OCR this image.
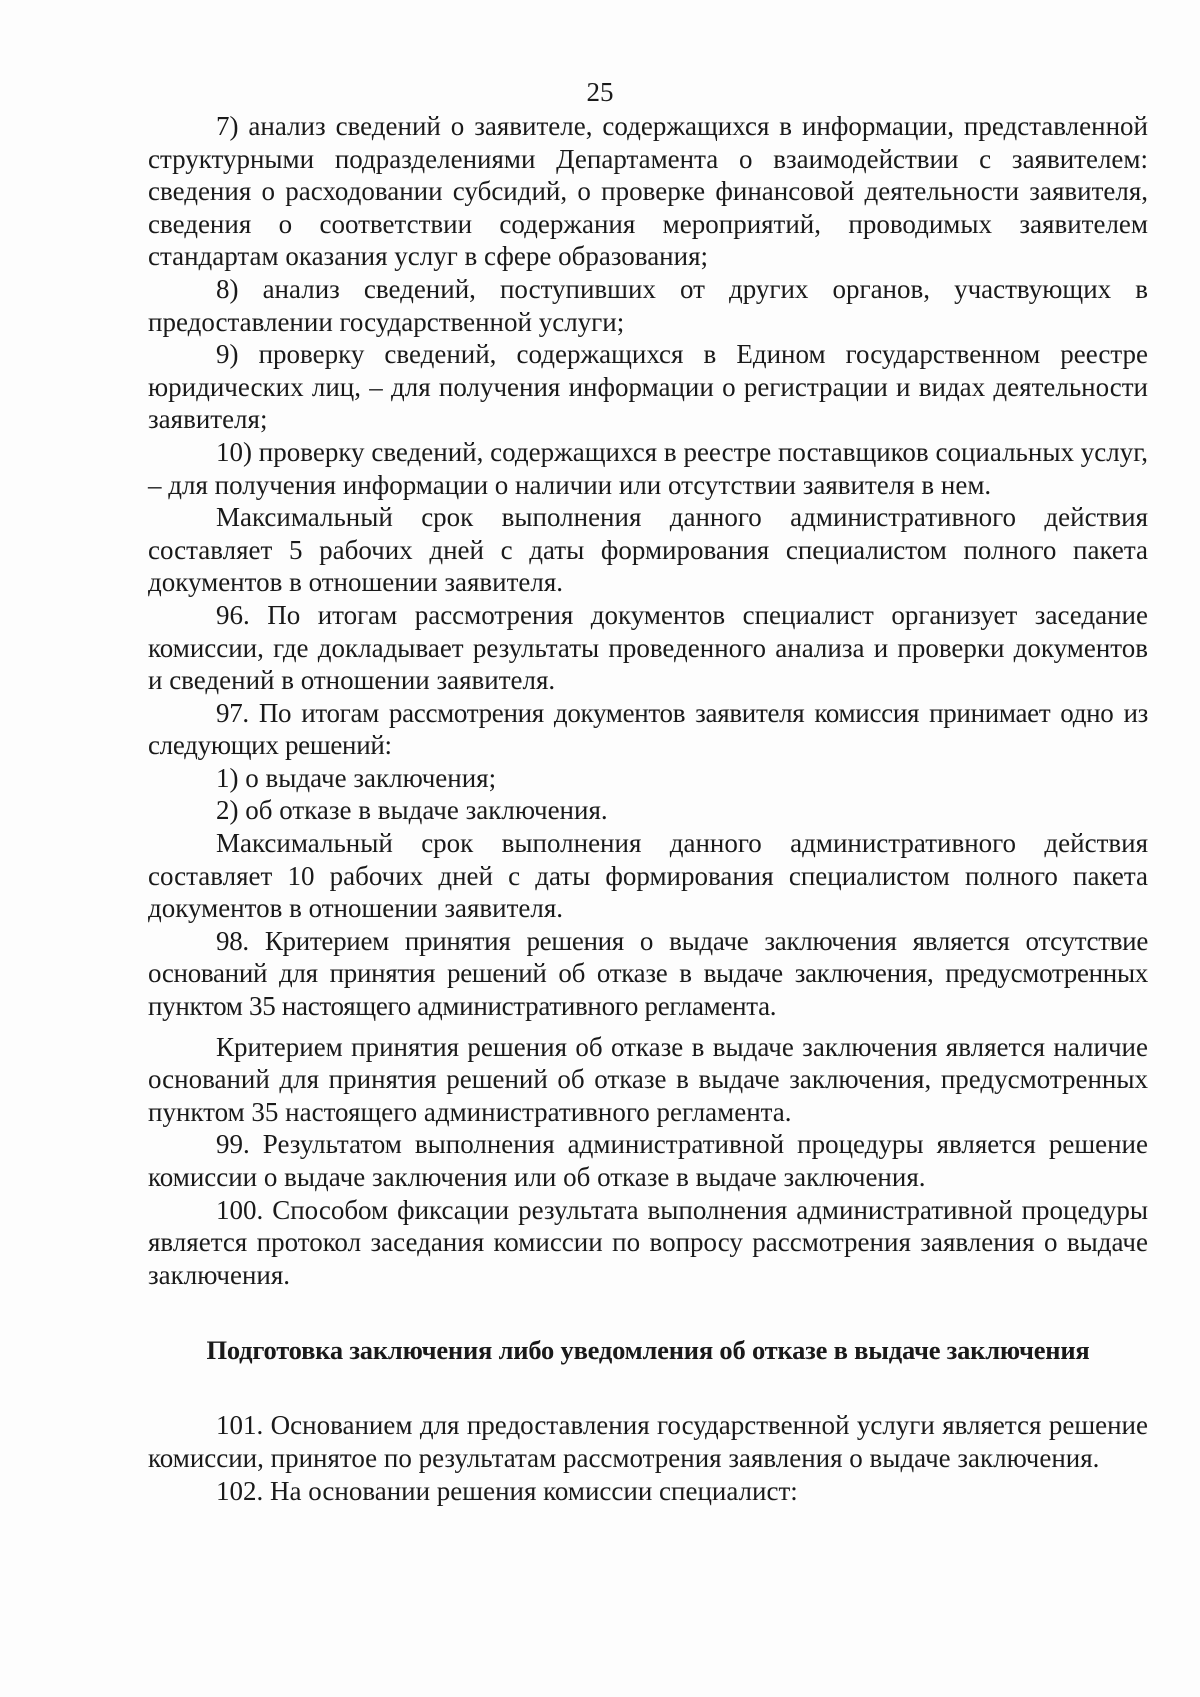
25

7) анализ сведений о заявителе, содержащихся в информации, представленной структурными подразделениями Департамента о взаимодействии с заявителем: сведения о расходовании субсидий, о проверке финансовой деятельности заявителя, сведения о соответствии содержания мероприятий, проводимых заявителем стандартам оказания услуг в сфере образования;

8) анализ сведений, поступивших от других органов, участвующих в предоставлении государственной услуги;

9) проверку сведений, содержащихся в Едином государственном реестре юридических лиц, – для получения информации о регистрации и видах деятельности заявителя;

10) проверку сведений, содержащихся в реестре поставщиков социальных услуг, – для получения информации о наличии или отсутствии заявителя в нем.

Максимальный срок выполнения данного административного действия составляет 5 рабочих дней с даты формирования специалистом полного пакета документов в отношении заявителя.

96. По итогам рассмотрения документов специалист организует заседание комиссии, где докладывает результаты проведенного анализа и проверки документов и сведений в отношении заявителя.

97. По итогам рассмотрения документов заявителя комиссия принимает одно из следующих решений:

1) о выдаче заключения;

2) об отказе в выдаче заключения.

Максимальный срок выполнения данного административного действия составляет 10 рабочих дней с даты формирования специалистом полного пакета документов в отношении заявителя.

98. Критерием принятия решения о выдаче заключения является отсутствие оснований для принятия решений об отказе в выдаче заключения, предусмотренных пунктом 35 настоящего административного регламента.

Критерием принятия решения об отказе в выдаче заключения является наличие оснований для принятия решений об отказе в выдаче заключения, предусмотренных пунктом 35 настоящего административного регламента.

99. Результатом выполнения административной процедуры является решение комиссии о выдаче заключения или об отказе в выдаче заключения.

100. Способом фиксации результата выполнения административной процедуры является протокол заседания комиссии по вопросу рассмотрения заявления о выдаче заключения.

Подготовка заключения либо уведомления об отказе в выдаче заключения

101. Основанием для предоставления государственной услуги является решение комиссии, принятое по результатам рассмотрения заявления о выдаче заключения.

102. На основании решения комиссии специалист:
